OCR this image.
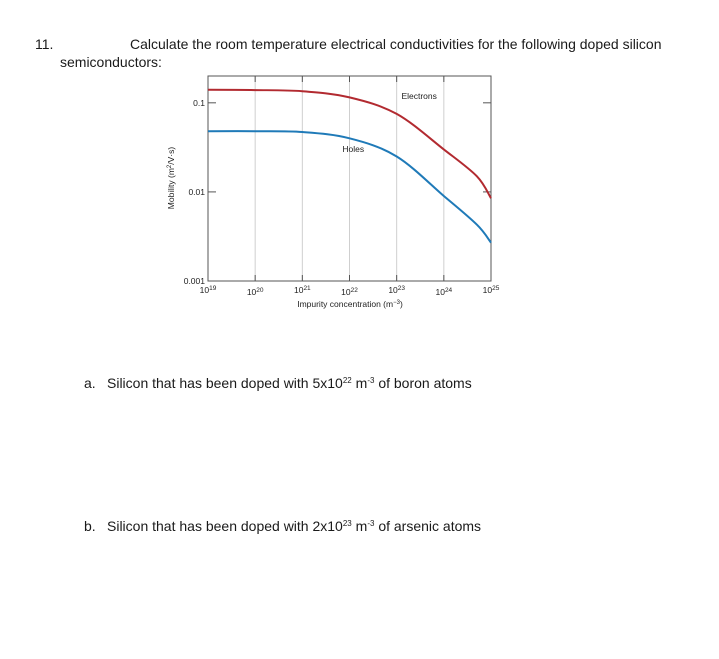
11.	Calculate the room temperature electrical conductivities for the following doped silicon
semiconductors:
$10^{19}$	$10^{20}$	$10^{21}$	$10^{22}$	$10^{23}$	$10^{24}$	$10^{25}$
0.001
0.01
0.1
Electrons
Holes
Mobility $(m^2/V\cdot s)$
Impurity concentration $(m^{-3})$
a. Silicon that has been doped with $5x10^{22}$ $m^{-3}$ of boron atoms
b. Silicon that has been doped with $2x10^{23}$ $m^{-3}$ of arsenic atoms
